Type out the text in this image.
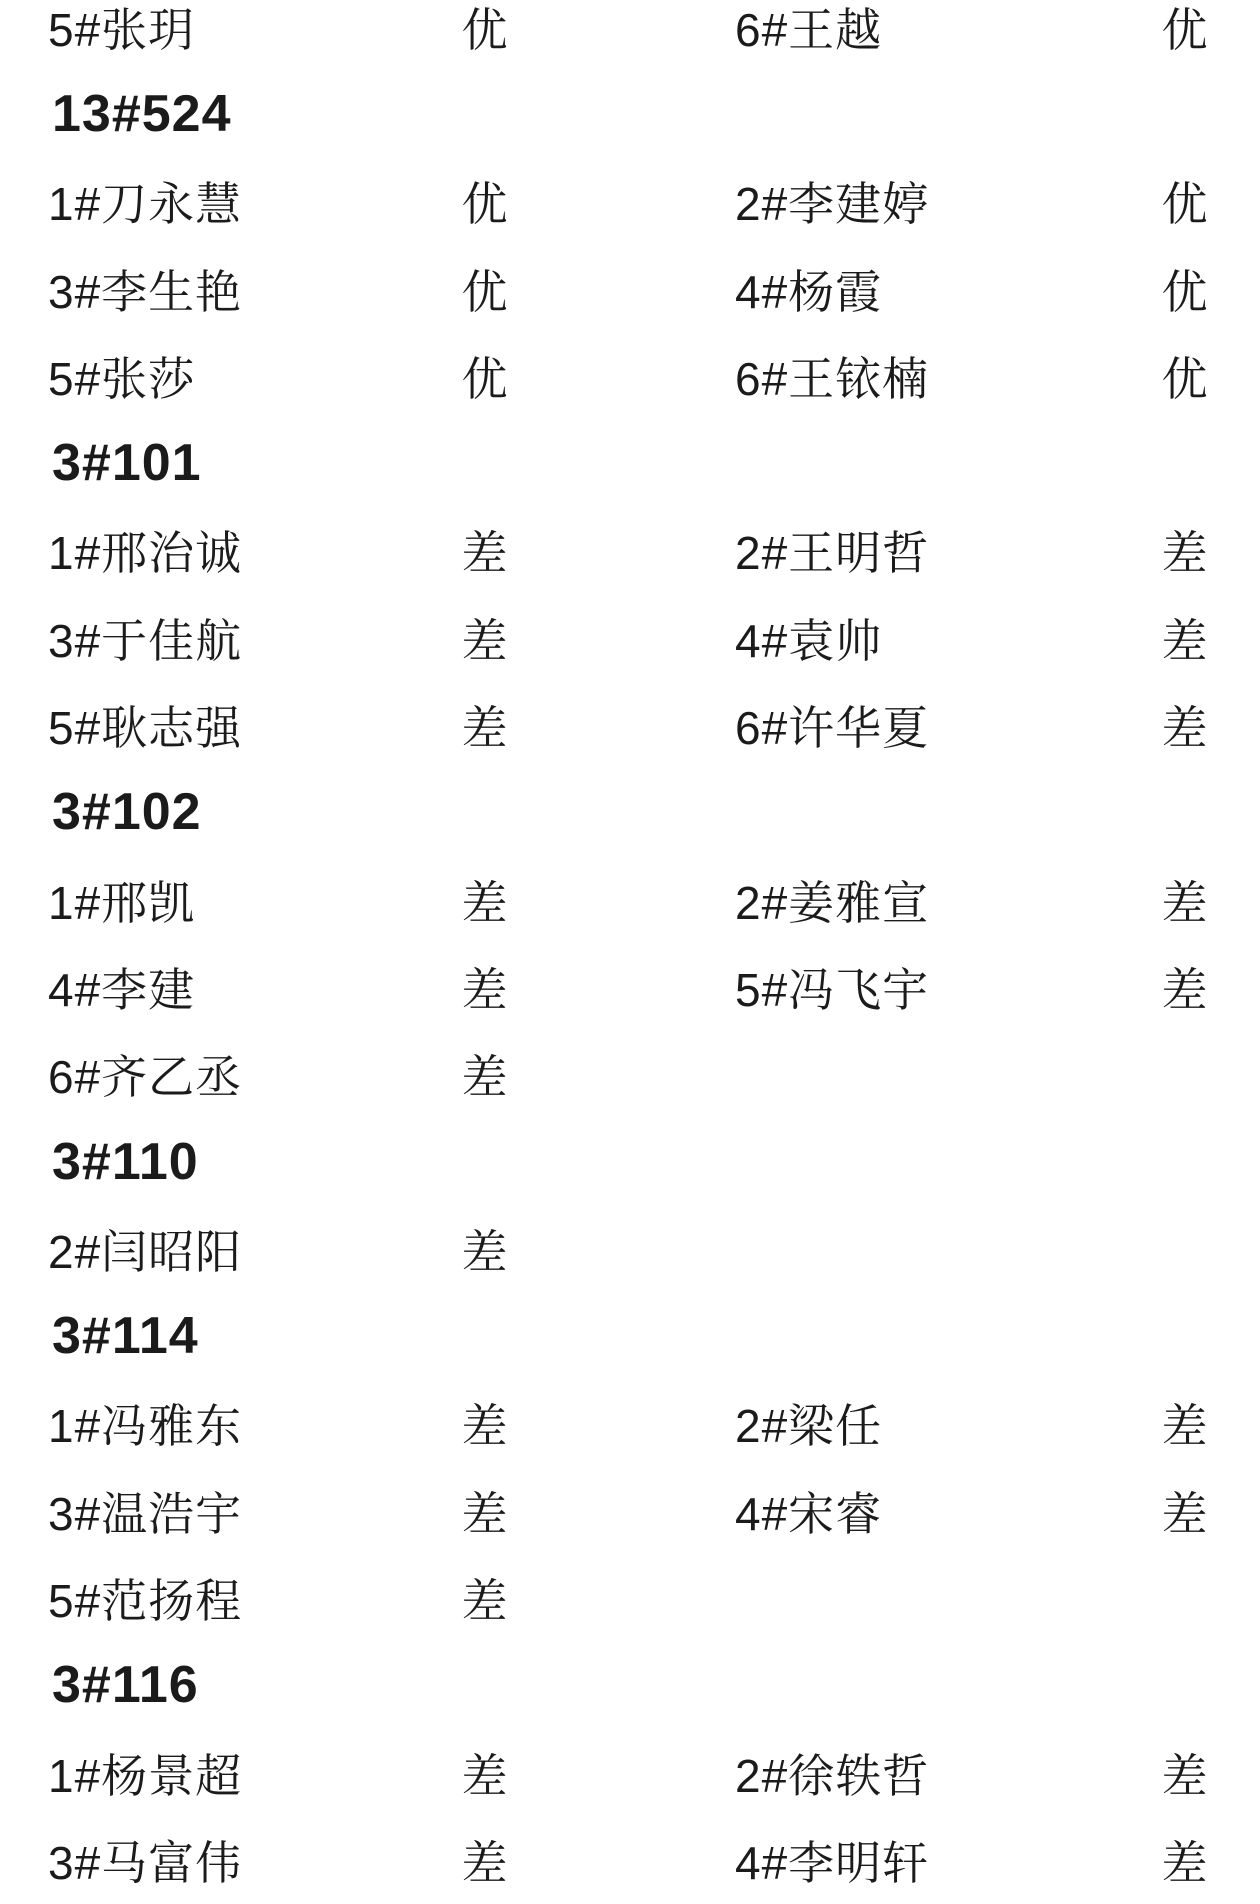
5#张玥	优	6#王越	优
13#524
1#刀永慧	优	2#李建婷	优
3#李生艳	优	4#杨霞	优
5#张莎	优	6#王铱楠	优
3#101
1#邢治诚	差	2#王明哲	差
3#于佳航	差	4#袁帅	差
5#耿志强	差	6#许华夏	差
3#102
1#邢凯	差	2#姜雅宣	差
4#李建	差	5#冯飞宇	差
6#齐乙丞	差
3#110
2#闫昭阳	差
3#114
1#冯雅东	差	2#梁任	差
3#温浩宇	差	4#宋睿	差
5#范扬程	差
3#116
1#杨景超	差	2#徐轶哲	差
3#马富伟	差	4#李明轩	差
